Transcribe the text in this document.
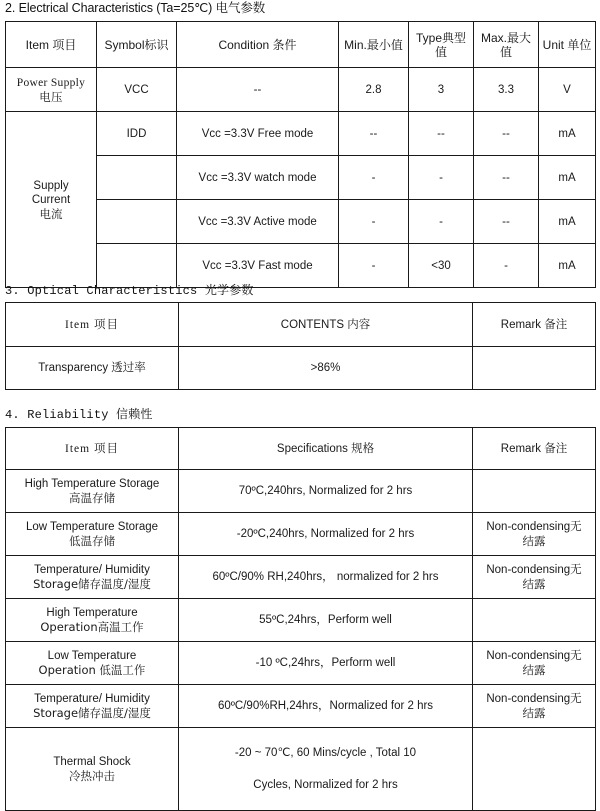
2. Electrical Characteristics (Ta=25℃) 电气参数
Item 项目	Symbol标识	Condition 条件	Min.最小值	Type典型值	Max.最大值	Unit 单位

Power Supply
电压	VCC	--	2.8	3	3.3	V

Supply
Current
电流	IDD	Vcc =3.3V Free mode	--	--	--	mA
		Vcc =3.3V watch mode	-	-	--	mA
		Vcc =3.3V Active mode	-	-	--	mA
		Vcc =3.3V Fast mode	-	<30	-	mA
3. Optical Characteristics 光学参数
Item 项目	CONTENTS 内容	Remark 备注
Transparency 透过率	>86%	
4. Reliability 信赖性
Item 项目	Specifications 规格	Remark 备注

High Temperature Storage
高温存储	70ºC,240hrs, Normalized for 2 hrs	

Low Temperature Storage
低温存储	-20ºC,240hrs, Normalized for 2 hrs	Non-condensing无
结露

Temperature/ Humidity
Storage储存温度/湿度	60ºC/90% RH,240hrs， normalized for 2 hrs	Non-condensing无
结露

High Temperature
Operation高温工作	55ºC,24hrs，Perform well	

Low Temperature
Operation 低温工作	-10 ºC,24hrs，Perform well	Non-condensing无
结露

Temperature/ Humidity
Storage储存温度/湿度	60ºC/90%RH,24hrs，Normalized for 2 hrs	Non-condensing无
结露

Thermal Shock
冷热冲击	-20 ~ 70℃, 60 Mins/cycle , Total 10
Cycles, Normalized for 2 hrs	
